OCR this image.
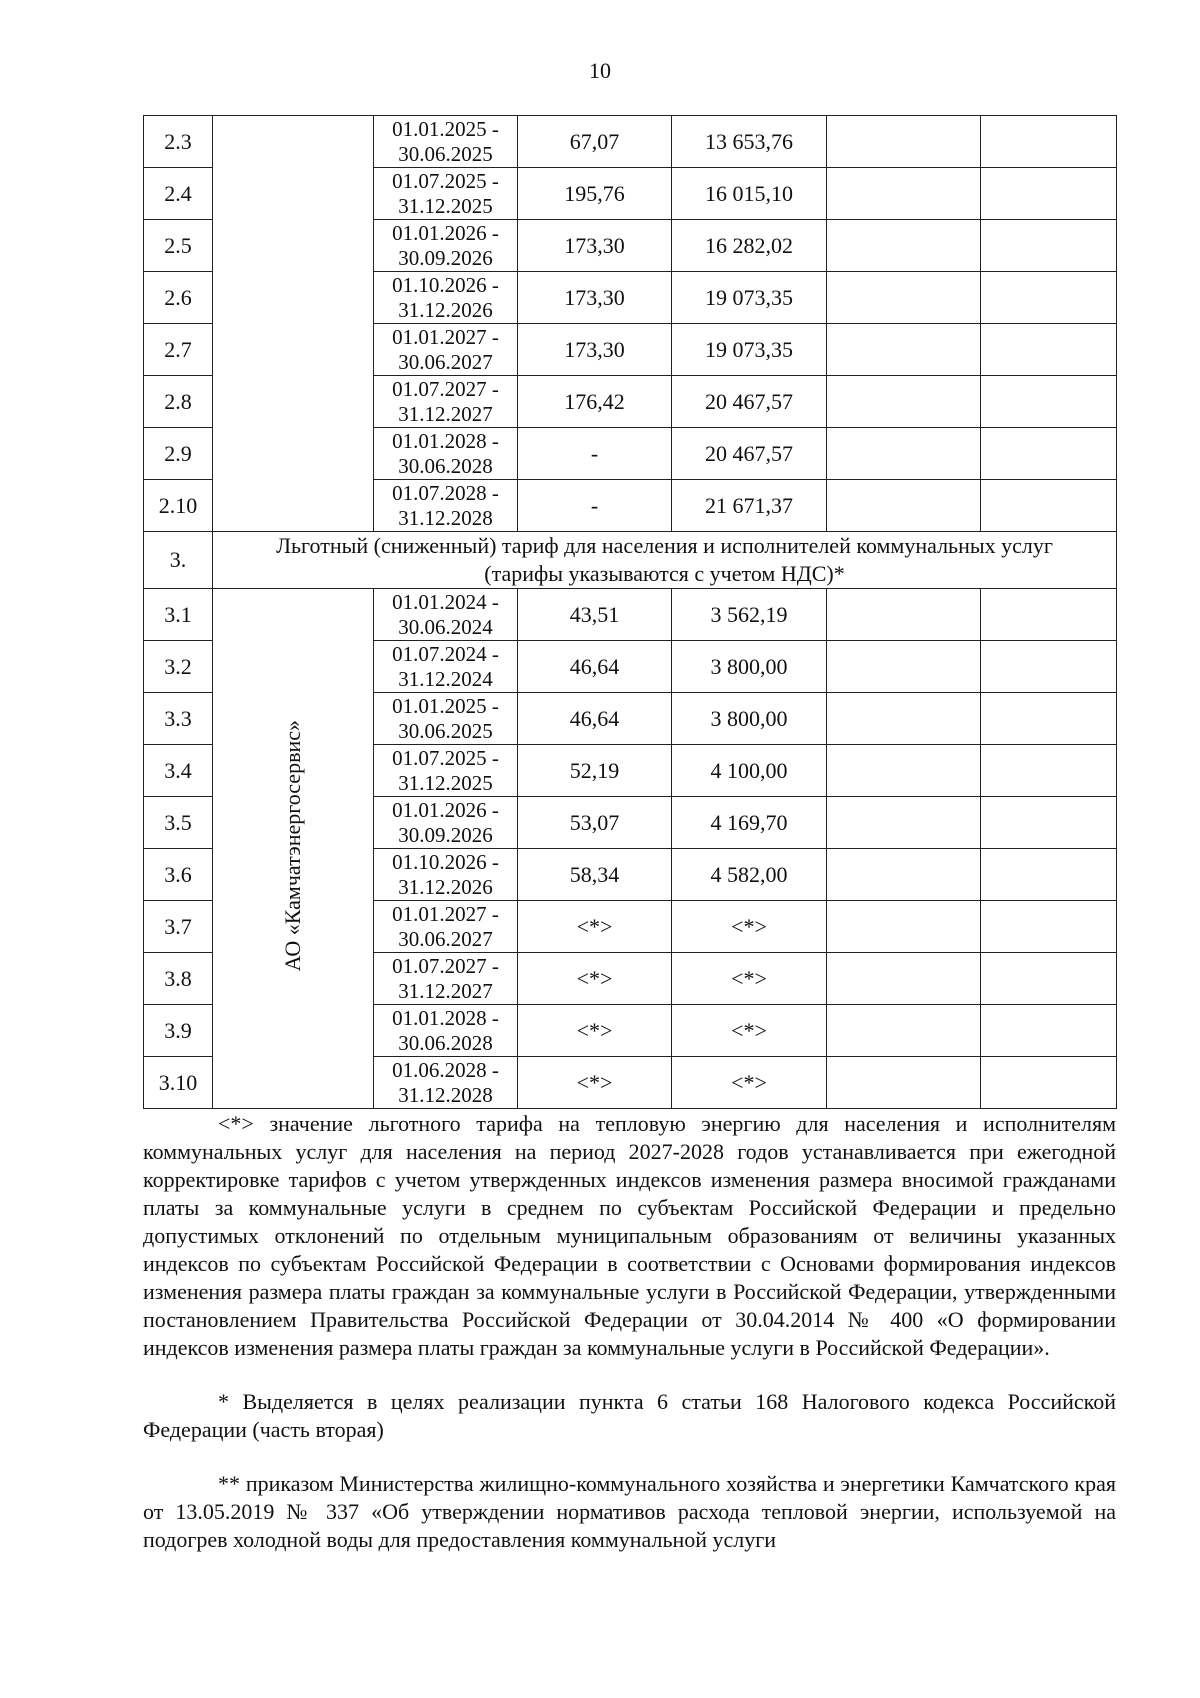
10
2.3		01.01.2025 -
30.06.2025	67,07	13 653,76		
2.4		01.07.2025 -
31.12.2025	195,76	16 015,10		
2.5		01.01.2026 -
30.09.2026	173,30	16 282,02		
2.6		01.10.2026 -
31.12.2026	173,30	19 073,35		
2.7		01.01.2027 -
30.06.2027	173,30	19 073,35		
2.8		01.07.2027 -
31.12.2027	176,42	20 467,57		
2.9		01.01.2028 -
30.06.2028	-	20 467,57		
2.10		01.07.2028 -
31.12.2028	-	21 671,37		
3.	Льготный (сниженный) тариф для населения и исполнителей коммунальных услуг
(тарифы указываются с учетом НДС)*					
3.1	АО «Камчатэнергосервис»	01.01.2024 -
30.06.2024	43,51	3 562,19		
3.2		01.07.2024 -
31.12.2024	46,64	3 800,00		
3.3		01.01.2025 -
30.06.2025	46,64	3 800,00		
3.4		01.07.2025 -
31.12.2025	52,19	4 100,00		
3.5		01.01.2026 -
30.09.2026	53,07	4 169,70		
3.6		01.10.2026 -
31.12.2026	58,34	4 582,00		
3.7		01.01.2027 -
30.06.2027	<*>	<*>		
3.8		01.07.2027 -
31.12.2027	<*>	<*>		
3.9		01.01.2028 -
30.06.2028	<*>	<*>		
3.10		01.06.2028 -
31.12.2028	<*>	<*>		

<*> значение льготного тарифа на тепловую энергию для населения и исполнителям коммунальных услуг для населения на период 2027-2028 годов устанавливается при ежегодной корректировке тарифов с учетом утвержденных индексов изменения размера вносимой гражданами платы за коммунальные услуги в среднем по субъектам Российской Федерации и предельно допустимых отклонений по отдельным муниципальным образованиям от величины указанных индексов по субъектам Российской Федерации в соответствии с Основами формирования индексов изменения размера платы граждан за коммунальные услуги в Российской Федерации, утвержденными постановлением Правительства Российской Федерации от 30.04.2014 № 400 «О формировании индексов изменения размера платы граждан за коммунальные услуги в Российской Федерации».

* Выделяется в целях реализации пункта 6 статьи 168 Налогового кодекса Российской Федерации (часть вторая)

** приказом Министерства жилищно-коммунального хозяйства и энергетики Камчатского края от 13.05.2019 № 337 «Об утверждении нормативов расхода тепловой энергии, используемой на подогрев холодной воды для предоставления коммунальной услуги
